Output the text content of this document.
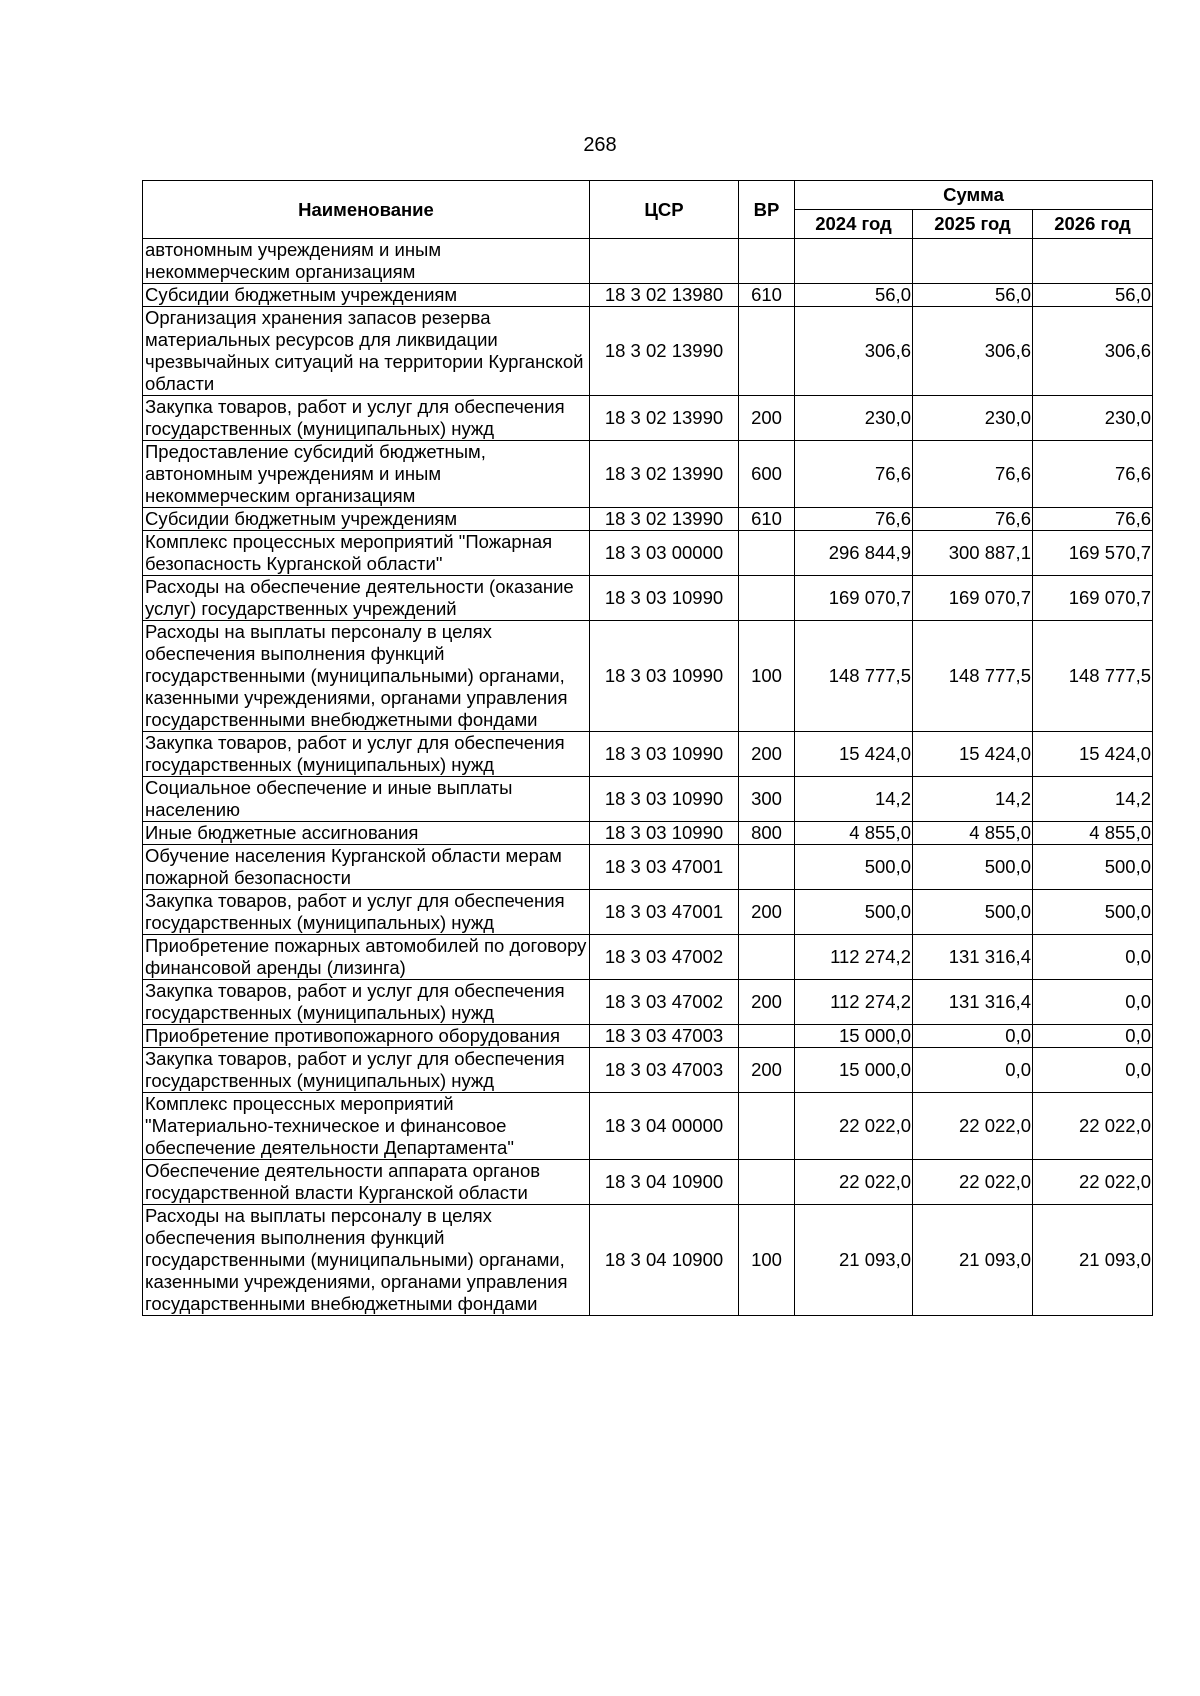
268
Наименование	ЦСР	ВР	Сумма		
			2024 год	2025 год	2026 год
автономным учреждениям и иным некоммерческим организациям					
Субсидии бюджетным учреждениям	18 3 02 13980	610	56,0	56,0	56,0
Организация хранения запасов резерва материальных ресурсов для ликвидации чрезвычайных ситуаций на территории Курганской области	18 3 02 13990		306,6	306,6	306,6
Закупка товаров, работ и услуг для обеспечения государственных (муниципальных) нужд	18 3 02 13990	200	230,0	230,0	230,0
Предоставление субсидий бюджетным, автономным учреждениям и иным некоммерческим организациям	18 3 02 13990	600	76,6	76,6	76,6
Субсидии бюджетным учреждениям	18 3 02 13990	610	76,6	76,6	76,6
Комплекс процессных мероприятий "Пожарная безопасность Курганской области"	18 3 03 00000		296 844,9	300 887,1	169 570,7
Расходы на обеспечение деятельности (оказание услуг) государственных учреждений	18 3 03 10990		169 070,7	169 070,7	169 070,7
Расходы на выплаты персоналу в целях обеспечения выполнения функций государственными (муниципальными) органами, казенными учреждениями, органами управления государственными внебюджетными фондами	18 3 03 10990	100	148 777,5	148 777,5	148 777,5
Закупка товаров, работ и услуг для обеспечения государственных (муниципальных) нужд	18 3 03 10990	200	15 424,0	15 424,0	15 424,0
Социальное обеспечение и иные выплаты населению	18 3 03 10990	300	14,2	14,2	14,2
Иные бюджетные ассигнования	18 3 03 10990	800	4 855,0	4 855,0	4 855,0
Обучение населения Курганской области мерам пожарной безопасности	18 3 03 47001		500,0	500,0	500,0
Закупка товаров, работ и услуг для обеспечения государственных (муниципальных) нужд	18 3 03 47001	200	500,0	500,0	500,0
Приобретение пожарных автомобилей по договору финансовой аренды (лизинга)	18 3 03 47002		112 274,2	131 316,4	0,0
Закупка товаров, работ и услуг для обеспечения государственных (муниципальных) нужд	18 3 03 47002	200	112 274,2	131 316,4	0,0
Приобретение противопожарного оборудования	18 3 03 47003		15 000,0	0,0	0,0
Закупка товаров, работ и услуг для обеспечения государственных (муниципальных) нужд	18 3 03 47003	200	15 000,0	0,0	0,0
Комплекс процессных мероприятий "Материально-техническое и финансовое обеспечение деятельности Департамента"	18 3 04 00000		22 022,0	22 022,0	22 022,0
Обеспечение деятельности аппарата органов государственной власти Курганской области	18 3 04 10900		22 022,0	22 022,0	22 022,0
Расходы на выплаты персоналу в целях обеспечения выполнения функций государственными (муниципальными) органами, казенными учреждениями, органами управления государственными внебюджетными фондами	18 3 04 10900	100	21 093,0	21 093,0	21 093,0
